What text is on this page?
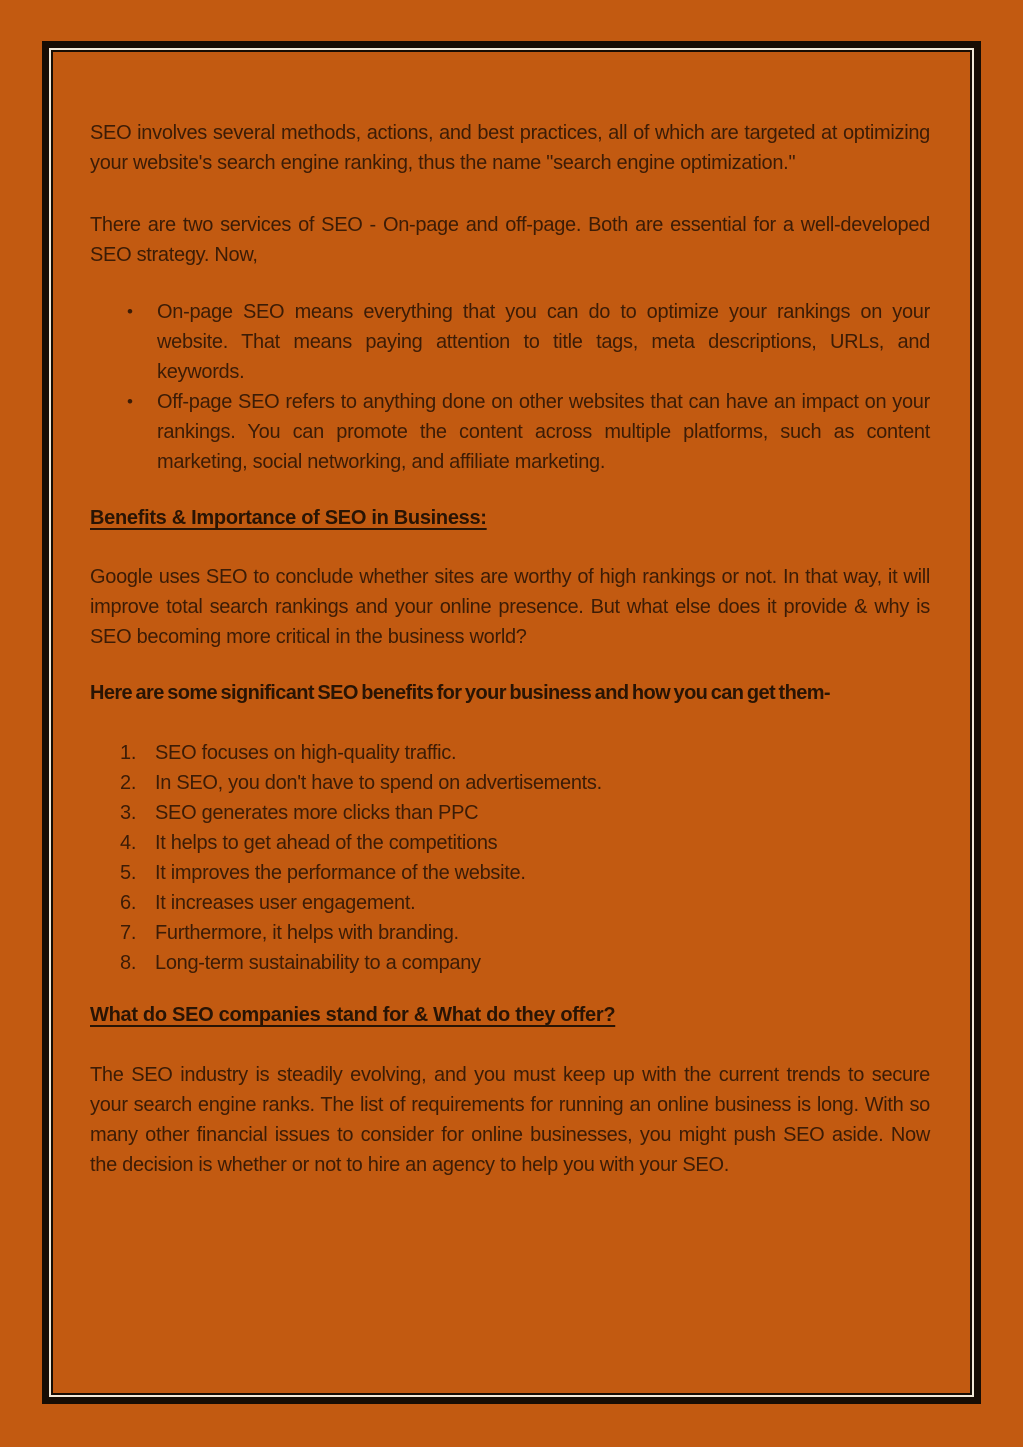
SEO involves several methods, actions, and best practices, all of which are targeted at optimizing your website's search engine ranking, thus the name "search engine optimization."

There are two services of SEO - On-page and off-page. Both are essential for a well-developed SEO strategy. Now,

• On-page SEO means everything that you can do to optimize your rankings on your website. That means paying attention to title tags, meta descriptions, URLs, and keywords.
• Off-page SEO refers to anything done on other websites that can have an impact on your rankings. You can promote the content across multiple platforms, such as content marketing, social networking, and affiliate marketing.

Benefits & Importance of SEO in Business:

Google uses SEO to conclude whether sites are worthy of high rankings or not. In that way, it will improve total search rankings and your online presence. But what else does it provide & why is SEO becoming more critical in the business world?

Here are some significant SEO benefits for your business and how you can get them-

1. SEO focuses on high-quality traffic.
2. In SEO, you don't have to spend on advertisements.
3. SEO generates more clicks than PPC
4. It helps to get ahead of the competitions
5. It improves the performance of the website.
6. It increases user engagement.
7. Furthermore, it helps with branding.
8. Long-term sustainability to a company

What do SEO companies stand for & What do they offer?

The SEO industry is steadily evolving, and you must keep up with the current trends to secure your search engine ranks. The list of requirements for running an online business is long. With so many other financial issues to consider for online businesses, you might push SEO aside. Now the decision is whether or not to hire an agency to help you with your SEO.
